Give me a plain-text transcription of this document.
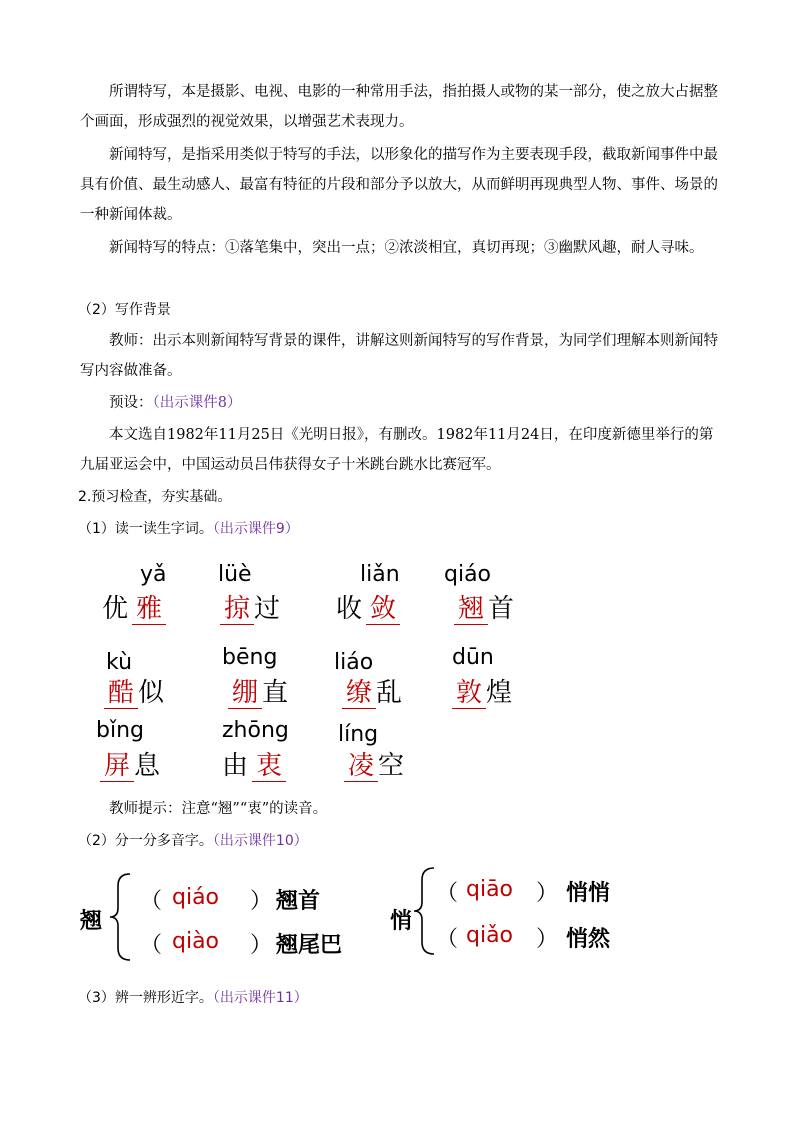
所谓特写，本是摄影、电视、电影的一种常用手法，指拍摄人或物的某一部分，使之放大占据整个画面，形成强烈的视觉效果，以增强艺术表现力。
新闻特写，是指采用类似于特写的手法，以形象化的描写作为主要表现手段，截取新闻事件中最具有价值、最生动感人、最富有特征的片段和部分予以放大，从而鲜明再现典型人物、事件、场景的一种新闻体裁。
新闻特写的特点：①落笔集中，突出一点；②浓淡相宜，真切再现；③幽默风趣，耐人寻味。
（2）写作背景
教师：出示本则新闻特写背景的课件，讲解这则新闻特写的写作背景，为同学们理解本则新闻特写内容做准备。
预设：（出示课件8）
本文选自1982年11月25日《光明日报》，有删改。1982年11月24日，在印度新德里举行的第九届亚运会中，中国运动员吕伟获得女子十米跳台跳水比赛冠军。
2.预习检查，夯实基础。
（1）读一读生字词。（出示课件9）
yǎ
优 雅
lüè
掠 过
liǎn
收 敛
qiáo
翘 首
kù
酷 似
bēng
绷 直
liáo
缭 乱
dūn
敦 煌
bǐng
屏 息
zhōng
由 衷
líng
凌 空
教师提示：注意“翘”“衷”的读音。
（2）分一分多音字。（出示课件10）
翘
（ qiáo ） 翘首
（ qiào ） 翘尾巴
悄
（ qiāo ） 悄悄
（ qiǎo ） 悄然
（3）辨一辨形近字。（出示课件11）
